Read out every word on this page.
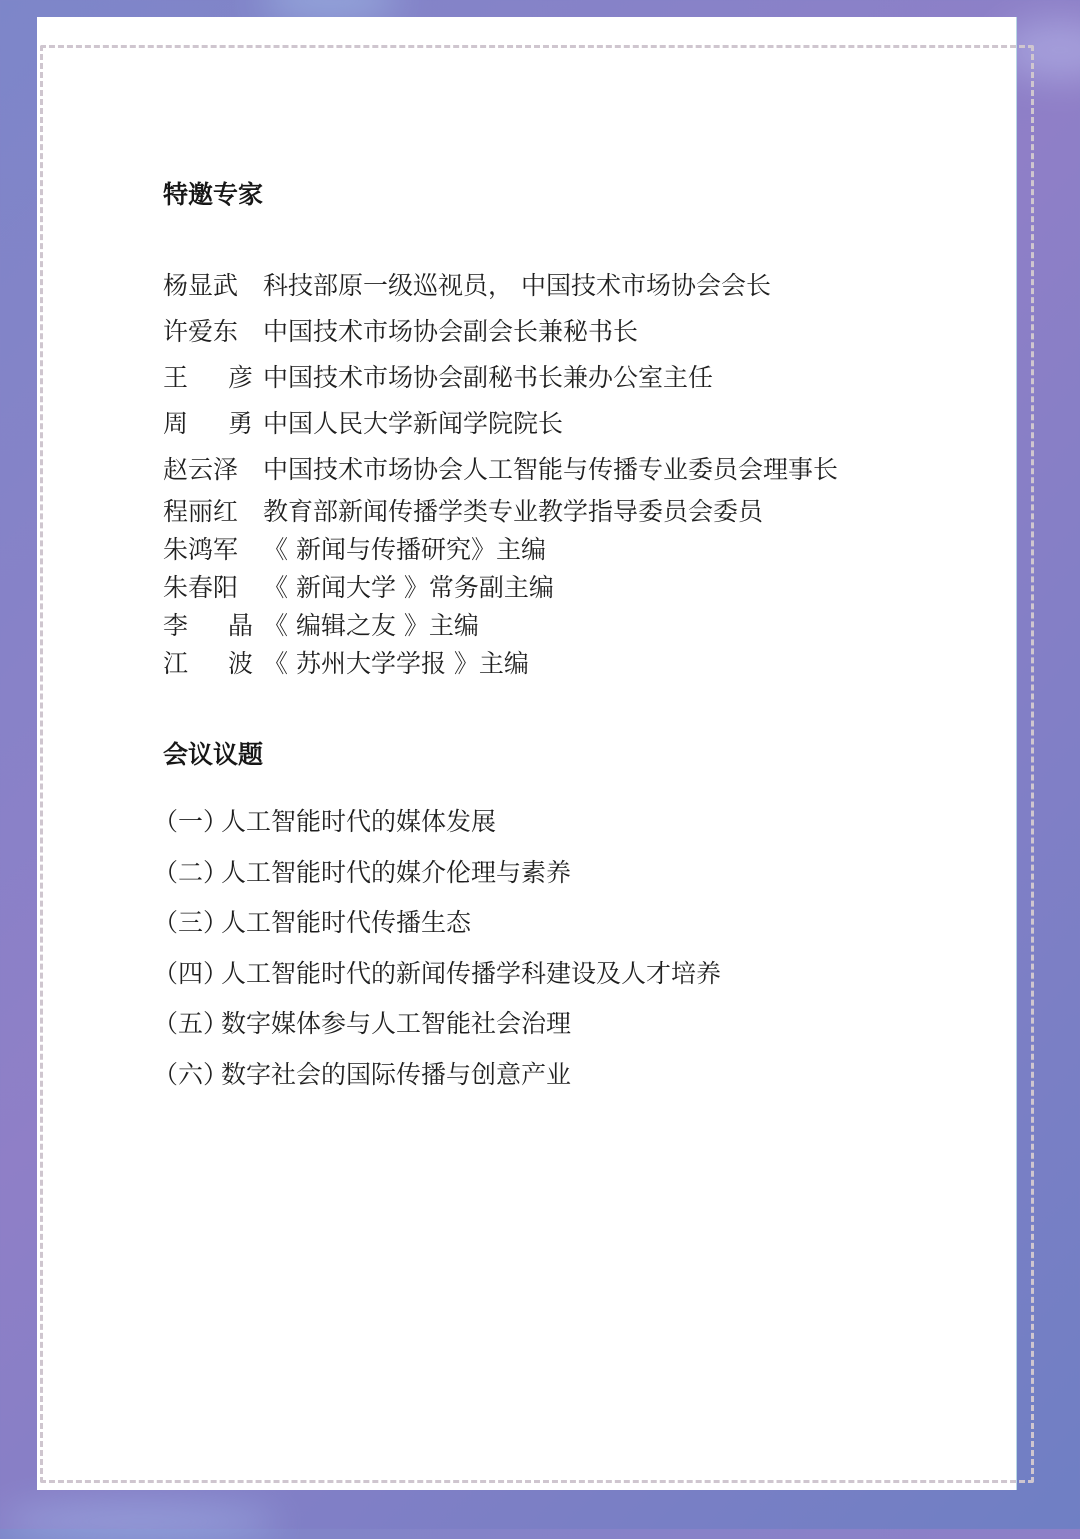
特邀专家
杨显武 科技部原一级巡视员， 中国技术市场协会会长
许爱东 中国技术市场协会副会长兼秘书长
王 彦
中国技术市场协会副秘书长兼办公室主任
周 勇
中国人民大学新闻学院院长
赵云泽 中国技术市场协会人工智能与传播专业委员会理事长
程丽红 教育部新闻传播学类专业教学指导委员会委员
朱鸿军 《 新闻与传播研究》主编
朱春阳 《 新闻大学 》常务副主编
李 晶
《 编辑之友 》主编
江 波
《 苏州大学学报 》主编
会议议题
（一）
人工智能时代的媒体发展
（二）
人工智能时代的媒介伦理与素养
（三）
人工智能时代传播生态
（四）
人工智能时代的新闻传播学科建设及人才培养
（五）
数字媒体参与人工智能社会治理
（六）
数字社会的国际传播与创意产业
